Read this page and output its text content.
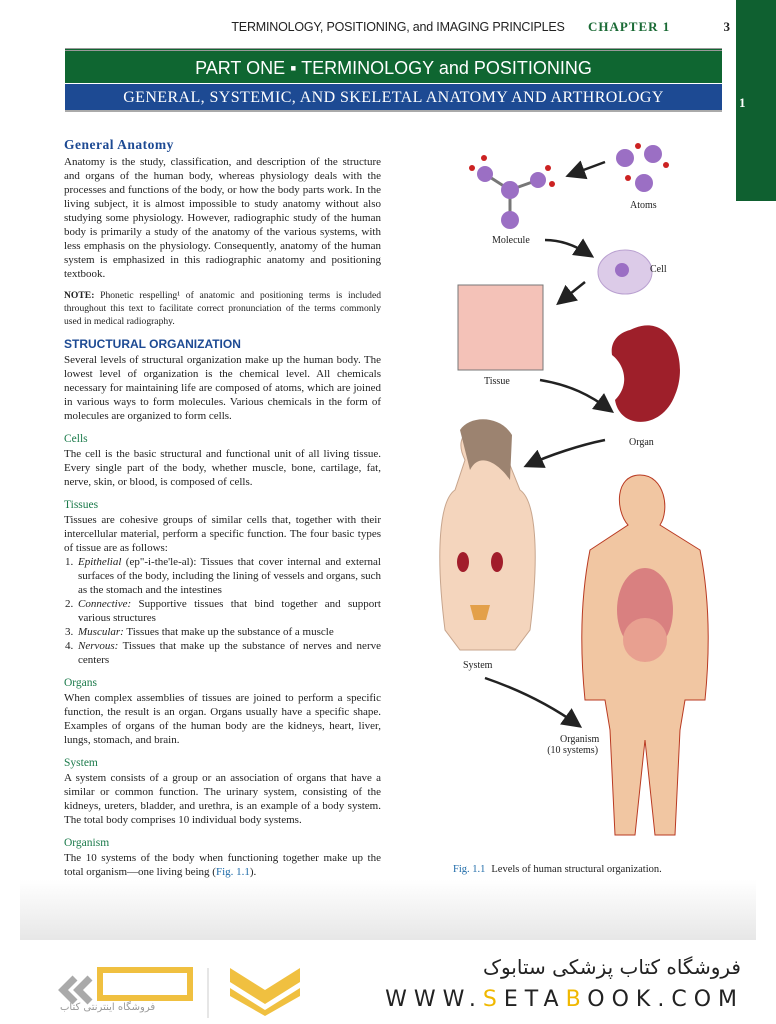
TERMINOLOGY, POSITIONING, and IMAGING PRINCIPLES CHAPTER 1	3
1
PART ONE ▪ TERMINOLOGY and POSITIONING
GENERAL, SYSTEMIC, AND SKELETAL ANATOMY AND ARTHROLOGY
General Anatomy

Anatomy is the study, classification, and description of the structure and organs of the human body, whereas physiology deals with the processes and functions of the body, or how the body parts work. In the living subject, it is almost impossible to study anatomy without also studying some physiology. However, radiographic study of the human body is primarily a study of the anatomy of the various systems, with less emphasis on the physiology. Consequently, anatomy of the human system is emphasized in this radiographic anatomy and positioning textbook.

NOTE: Phonetic respelling¹ of anatomic and positioning terms is included throughout this text to facilitate correct pronunciation of the terms commonly used in medical radiography.

STRUCTURAL ORGANIZATION

Several levels of structural organization make up the human body. The lowest level of organization is the chemical level. All chemicals necessary for maintaining life are composed of atoms, which are joined in various ways to form molecules. Various chemicals in the form of molecules are organized to form cells.

Cells

The cell is the basic structural and functional unit of all living tissue. Every single part of the body, whether muscle, bone, cartilage, fat, nerve, skin, or blood, is composed of cells.

Tissues

Tissues are cohesive groups of similar cells that, together with their intercellular material, perform a specific function. The four basic types of tissue are as follows:

1. Epithelial (ep"-i-the'le-al): Tissues that cover internal and external surfaces of the body, including the lining of vessels and organs, such as the stomach and the intestines
2. Connective: Supportive tissues that bind together and support various structures
3. Muscular: Tissues that make up the substance of a muscle
4. Nervous: Tissues that make up the substance of nerves and nerve centers
Organs

When complex assemblies of tissues are joined to perform a specific function, the result is an organ. Organs usually have a specific shape. Examples of organs of the human body are the kidneys, heart, liver, lungs, stomach, and brain.

System

A system consists of a group or an association of organs that have a similar or common function. The urinary system, consisting of the kidneys, ureters, bladder, and urethra, is an example of a body system. The total body comprises 10 individual body systems.

Organism

The 10 systems of the body when functioning together make up the total organism—one living being (Fig. 1.1).

Atoms
Molecule
Cell
Tissue
Organ
System
Organism
(10 systems)
Fig. 1.1 Levels of human structural organization.
فروشگاه اینترنتی کتاب
فروشگاه کتاب پزشکی ستابوک
WWW.SETABOOK.COM
